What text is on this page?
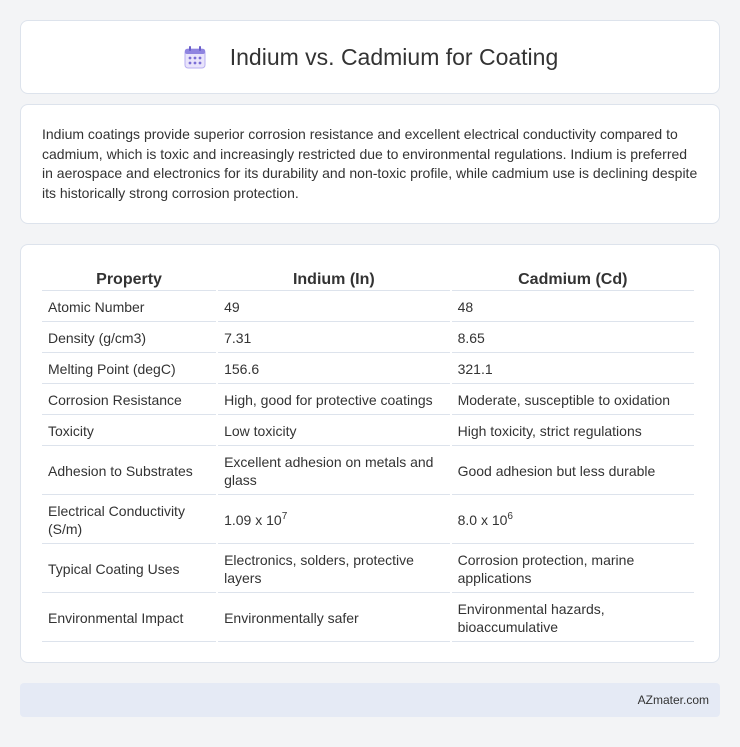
Indium vs. Cadmium for Coating

Indium coatings provide superior corrosion resistance and excellent electrical conductivity compared to cadmium, which is toxic and increasingly restricted due to environmental regulations. Indium is preferred in aerospace and electronics for its durability and non-toxic profile, while cadmium use is declining despite its historically strong corrosion protection.

Property	Indium (In)	Cadmium (Cd)
Atomic Number	49	48
Density (g/cm3)	7.31	8.65
Melting Point (degC)	156.6	321.1
Corrosion Resistance	High, good for protective coatings	Moderate, susceptible to oxidation
Toxicity	Low toxicity	High toxicity, strict regulations
Adhesion to Substrates	Excellent adhesion on metals and glass	Good adhesion but less durable
Electrical Conductivity (S/m)	1.09 x $10^7$	8.0 x $10^6$
Typical Coating Uses	Electronics, solders, protective layers	Corrosion protection, marine applications
Environmental Impact	Environmentally safer	Environmental hazards, bioaccumulative
AZmater.com
